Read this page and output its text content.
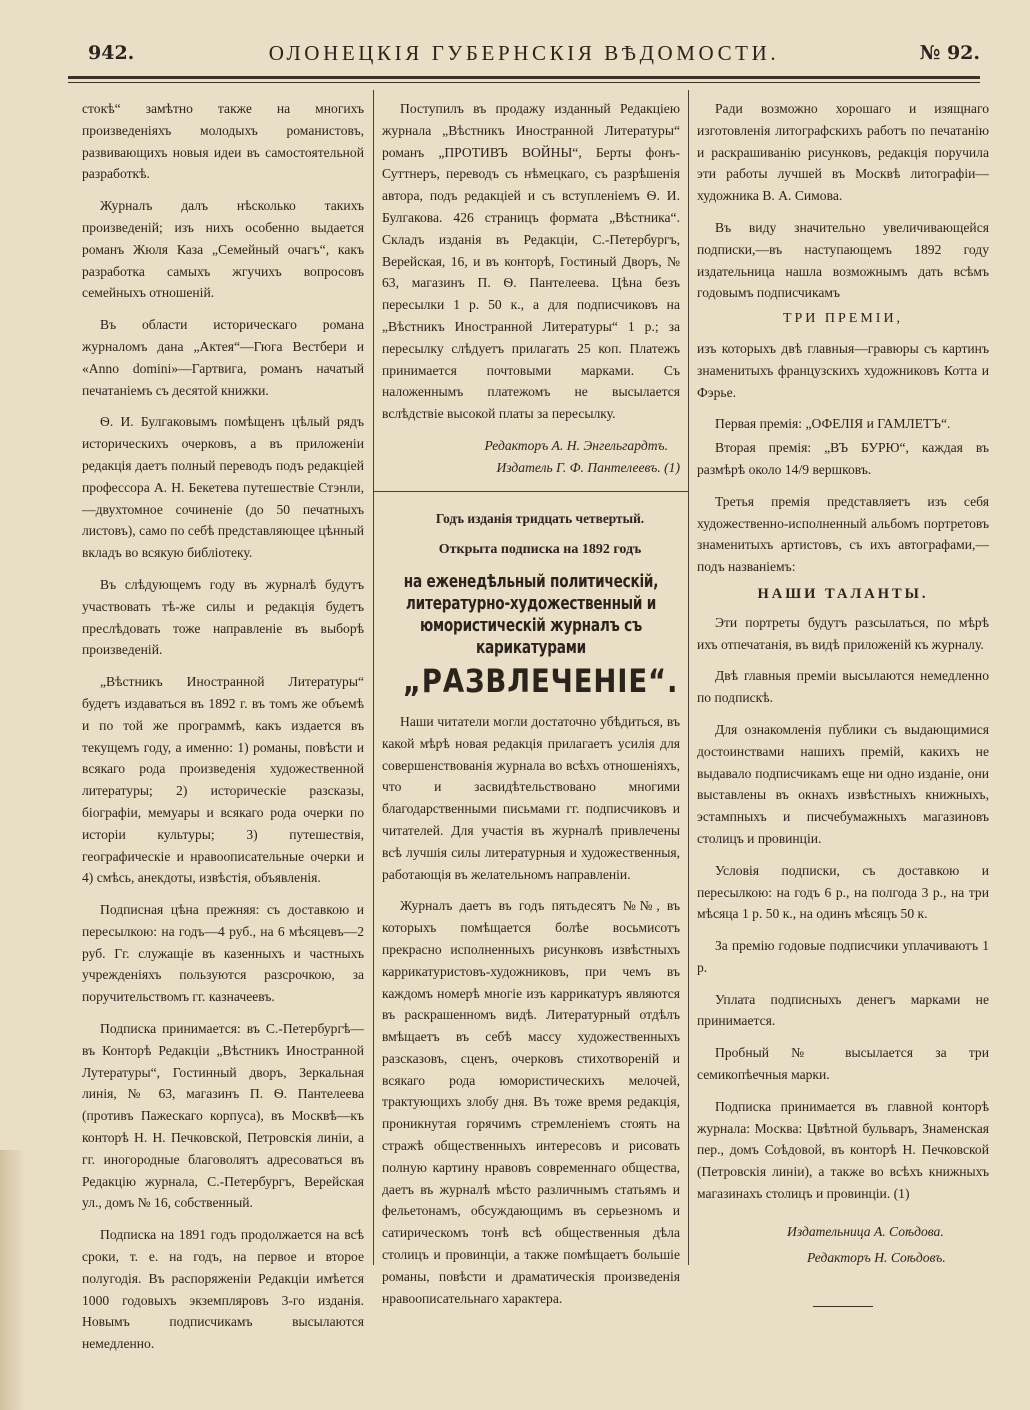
942.	ОЛОНЕЦКІЯ ГУБЕРНСКІЯ ВѢДОМОСТИ.	№ 92.

стокѣ“ замѣтно также на многихъ произведеніяхъ молодыхъ романистовъ, развивающихъ новыя идеи въ самостоятельной разработкѣ.

Журналъ далъ нѣсколько такихъ произведеній; изъ нихъ особенно выдается романъ Жюля Каза „Семейный очагъ“, какъ разработка самыхъ жгучихъ вопросовъ семейныхъ отношеній.

Въ области историческаго романа журналомъ дана „Актея“—Гюга Вестбери и «Anno domini»—Гартвига, романъ начатый печатаніемъ съ десятой книжки.

Ѳ. И. Булгаковымъ помѣщенъ цѣлый рядъ историческихъ очерковъ, а въ приложеніи редакція даетъ полный переводъ подъ редакціей профессора А. Н. Бекетева путешествіе Стэнли,—двухтомное сочиненіе (до 50 печатныхъ листовъ), само по себѣ представляющее цѣнный вкладъ во всякую библіотеку.

Въ слѣдующемъ году въ журналѣ будутъ участвовать тѣ-же силы и редакція будетъ преслѣдовать тоже направленіе въ выборѣ произведеній.

„Вѣстникъ Иностранной Литературы“ будетъ издаваться въ 1892 г. въ томъ же объемѣ и по той же программѣ, какъ издается въ текущемъ году, а именно: 1) романы, повѣсти и всякаго рода произведенія художественной литературы; 2) историческіе разсказы, біографіи, мемуары и всякаго рода очерки по исторіи культуры; 3) путешествія, географическіе и нравоописательные очерки и 4) смѣсь, анекдоты, извѣстія, объявленія.

Подписная цѣна прежняя: съ доставкою и пересылкою: на годъ—4 руб., на 6 мѣсяцевъ—2 руб. Гг. служащіе въ казенныхъ и частныхъ учрежденіяхъ пользуются разсрочкою, за поручительствомъ гг. казначеевъ.

Подписка принимается: въ С.-Петербургѣ—въ Конторѣ Редакціи „Вѣстникъ Иностранной Лутературы“, Гостинный дворъ, Зеркальная линія, № 63, магазинъ П. Ѳ. Пантелеева (противъ Пажескаго корпуса), въ Москвѣ—къ конторѣ Н. Н. Печковской, Петровскія линіи, а гг. иногородные благоволятъ адресоваться въ Редакцію журнала, С.-Петербургъ, Верейская ул., домъ № 16, собственный.

Подписка на 1891 годъ продолжается на всѣ сроки, т. е. на годъ, на первое и второе полугодія. Въ распоряженіи Редакціи имѣется 1000 годовыхъ экземпляровъ 3-го изданія. Новымъ подписчикамъ высылаются немедленно.

Поступилъ въ продажу изданный Редакціею журнала „Вѣстникъ Иностранной Литературы“ романъ „ПРОТИВЪ ВОЙНЫ“, Берты фонъ-Суттнеръ, переводъ съ нѣмецкаго, съ разрѣшенія автора, подъ редакціей и съ вступленіемъ Ѳ. И. Булгакова. 426 страницъ формата „Вѣстника“. Складъ изданія въ Редакціи, С.-Петербургъ, Верейская, 16, и въ конторѣ, Гостиный Дворъ, № 63, магазинъ П. Ѳ. Пантелеева. Цѣна безъ пересылки 1 р. 50 к., а для подписчиковъ на „Вѣстникъ Иностранной Литературы“ 1 р.; за пересылку слѣдуетъ прилагать 25 коп. Платежъ принимается почтовыми марками. Съ наложеннымъ платежомъ не высылается вслѣдствіе высокой платы за пересылку.

Редакторъ А. Н. Энгельгардтъ.

Издатель Г. Ф. Пантелеевъ. (1)

Годъ изданія тридцать четвертый.

Открыта подписка на 1892 годъ

на еженедѣльный политическій, литературно-художественный и юмористическій журналъ съ карикатурами
„РАЗВЛЕЧЕНІЕ“.

Наши читатели могли достаточно убѣдиться, въ какой мѣрѣ новая редакція прилагаетъ усилія для совершенствованія журнала во всѣхъ отношеніяхъ, что и засвидѣтельствовано многими благодарственными письмами гг. подписчиковъ и читателей. Для участія въ журналѣ привлечены всѣ лучшія силы литературныя и художественныя, работающія въ желательномъ направленіи.

Журналъ даетъ въ годъ пятьдесятъ №№, въ которыхъ помѣщается болѣе восьмисотъ прекрасно исполненныхъ рисунковъ извѣстныхъ каррикатуристовъ-художниковъ, при чемъ въ каждомъ номерѣ многіе изъ каррикатуръ являются въ раскрашенномъ видѣ. Литературный отдѣлъ вмѣщаетъ въ себѣ массу художественныхъ разсказовъ, сценъ, очерковъ стихотвореній и всякаго рода юмористическихъ мелочей, трактующихъ злобу дня. Въ тоже время редакція, проникнутая горячимъ стремленіемъ стоять на стражѣ общественныхъ интересовъ и рисовать полную картину нравовъ современнаго общества, даетъ въ журналѣ мѣсто различнымъ статьямъ и фельетонамъ, обсуждающимъ въ серьезномъ и сатирическомъ тонѣ всѣ общественныя дѣла столицъ и провинціи, а также помѣщаетъ большіе романы, повѣсти и драматическія произведенія нравоописательнаго характера.

Ради возможно хорошаго и изящнаго изготовленія литографскихъ работъ по печатанію и раскрашиванію рисунковъ, редакція поручила эти работы лучшей въ Москвѣ литографіи—художника В. А. Симова.

Въ виду значительно увеличивающейся подписки,—въ наступающемъ 1892 году издательница нашла возможнымъ дать всѣмъ годовымъ подписчикамъ

ТРИ ПРЕМІИ,

изъ которыхъ двѣ главныя—гравюры съ картинъ знаменитыхъ французскихъ художниковъ Котта и Фэрье.

Первая премія: „ОФЕЛІЯ и ГАМЛЕТЪ“.

Вторая премія: „ВЪ БУРЮ“, каждая въ размѣрѣ около 14/9 вершковъ.

Третья премія представляетъ изъ себя художественно-исполненный альбомъ портретовъ знаменитыхъ артистовъ, съ ихъ автографами,—подъ названіемъ:

НАШИ ТАЛАНТЫ.

Эти портреты будутъ разсылаться, по мѣрѣ ихъ отпечатанія, въ видѣ приложеній къ журналу.

Двѣ главныя преміи высылаются немедленно по подпискѣ.

Для ознакомленія публики съ выдающимися достоинствами нашихъ премій, какихъ не выдавало подписчикамъ еще ни одно изданіе, они выставлены въ окнахъ извѣстныхъ книжныхъ, эстампныхъ и писчебумажныхъ магазиновъ столицъ и провинціи.

Условія подписки, съ доставкою и пересылкою: на годъ 6 р., на полгода 3 р., на три мѣсяца 1 р. 50 к., на одинъ мѣсяцъ 50 к.

За премію годовые подписчики уплачиваютъ 1 р.

Уплата подписныхъ денегъ марками не принимается.

Пробный № высылается за три семикопѣечныя марки.

Подписка принимается въ главной конторѣ журнала: Москва: Цвѣтной бульваръ, Знаменская пер., домъ Соѣдовой, въ конторѣ Н. Печковской (Петровскія линіи), а также во всѣхъ книжныхъ магазинахъ столицъ и провинціи. (1)

Издательница А. Соѣдова.

Редакторъ Н. Соѣдовъ.
